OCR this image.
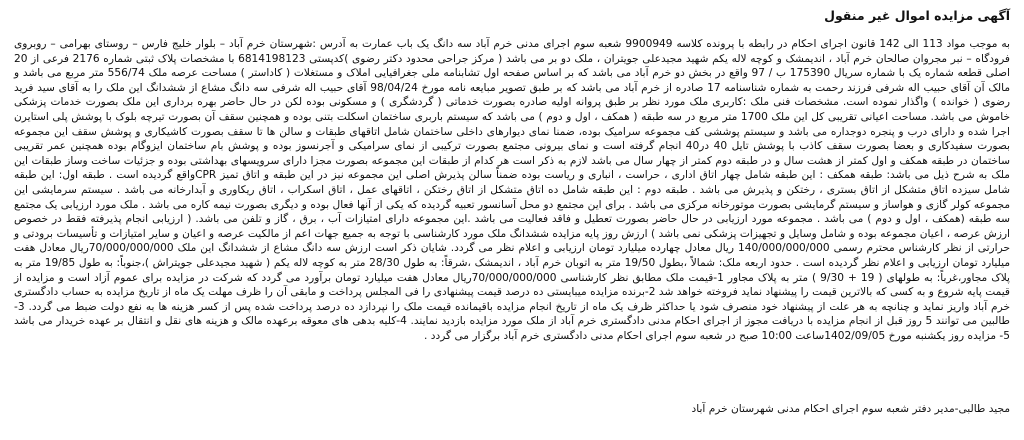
آگهی مزایده اموال غیر منقول

به موجب مواد 113 الی 142 قانون اجرای احکام در رابطه با پرونده کلاسه 9900949 شعبه سوم اجرای مدنی خرم آباد سه دانگ یک باب عمارت به آدرس :شهرستان خرم آباد – بلوار خلیج فارس – روستای بهرامی – روبروی فرودگاه – نبر مجروان صالحان خرم آباد ، اندیمشک و کوچه لاله یکم شهید مجیدعلی جویتران ، ملک دو بر می باشد ( مرکز جراحی محدود دکتر رضوی )کدپستی 6814198123 با مشخصات پلاک ثبتی شماره 2176 فرعی از 20 اصلی قطعه شماره یک با شماره سریال 175390 ب / 97 واقع در بخش دو خرم آباد می باشد که بر اساس صفحه اول تشابنامه ملی جغرافیایی املاک و مستغلات ( کاداستر ) مساحت عرصه ملک 556/74 متر مربع می باشد و مالک آن آقای حبیب اله شرفی فرزند رحمت به شماره شناسنامه 17 صادره از خرم آباد می باشد که بر طبق تصویر مبایعه نامه مورخ 98/04/24 آقای حبیب اله شرفی سه دانگ مشاع از ششدانگ این ملک را به آقای سید فرید رضوی ( خوانده ) واگذار نموده است. مشخصات فنی ملک :کاربری ملک مورد نظر بر طبق پروانه اولیه صادره بصورت خدماتی ( گردشگری ) و مسکونی بوده لکن در حال حاضر بهره برداری این ملک بصورت خدمات پزشکی خاموش می باشد. مساحت اعیانی تقریبی کل این ملک 1700 متر مربع در سه طبقه ( همکف ، اول و دوم ) می باشد که سیستم باربری ساختمان اسکلت بتنی بوده و همچنین سقف آن بصورت تیرچه بلوک با پوشش پلی استایرن اجرا شده و دارای درب و پنجره دوجداره می باشد و سیستم پوششی کف مجموعه سرامیک بوده، ضمنا نمای دیوارهای داخلی ساختمان شامل اتاقهای طبقات و سالن ها تا سقف بصورت کاشیکاری و پوشش سقف این مجموعه بصورت سفیدکاری و بعضا بصورت سقف کاذب با پوشش تایل 40 در40 انجام گرفته است و نمای بیرونی مجتمع بصورت ترکیبی از نمای سرامیکی و آجرنسوز بوده و پوشش بام ساختمان ایزوگام بوده همچنین عمر تقریبی ساختمان در طبقه همکف و اول کمتر از هشت سال و در طبقه دوم کمتر از چهار سال می باشد لازم به ذکر است هر کدام از طبقات این مجموعه بصورت مجزا دارای سرویسهای بهداشتی بوده و جزئیات ساخت وساز طبقات این ملک به شرح ذیل می باشد: طبقه همکف : این طبقه شامل چهار اتاق اداری ، حراست ، انباری و ریاست بوده ضمناً سالن پذیرش اصلی این مجموعه نیز در این طبقه و اتاق تمیز CPRواقع گردیده است . طبقه اول: این طبقه شامل سیزده اتاق متشکل از اتاق بستری ، رختکن و پذیرش می باشد . طبقه دوم : این طبقه شامل ده اتاق متشکل از اتاق رختکن ، اتاقهای عمل ، اتاق اسکراب ، اتاق ریکاوری و آبدارخانه می باشد . سیستم سرمایشی این مجموعه کولر گازی و هواساز و سیستم گرمایشی بصورت موتورخانه مرکزی می باشد . برای این مجتمع دو محل آسانسور تعبیه گردیده که یکی از آنها فعال بوده و دیگری بصورت نیمه کاره می باشد . ملک مورد ارزیابی یک مجتمع سه طبقه (همکف ، اول و دوم ) می باشد . مجموعه مورد ارزیابی در حال حاضر بصورت تعطیل و فاقد فعالیت می باشد .این مجموعه دارای امتیازات آب ، برق ، گاز و تلفن می باشد. ( ارزیابی انجام پذیرفته فقط در خصوص ارزش عرصه ، اعیان مجموعه بوده و شامل وسایل و تجهیزات پزشکی نمی باشد ) ارزش روز پایه مزایده ششدانگ ملک مورد کارشناسی با توجه به جمیع جهات اعم از مالکیت عرصه و اعیان و سایر امتیازات و تأسیسات برودتی و حرارتی از نظر کارشناس محترم رسمی 140/000/000/000 ریال معادل چهارده میلیارد تومان ارزیابی و اعلام نظر می گردد. شایان ذکر است ارزش سه دانگ مشاع از ششدانگ این ملک 70/000/000/000ریال معادل هفت میلیارد تومان ارزیابی و اعلام نظر گردیده است . حدود اربعه ملک: شمالاً ،بطول 19/50 متر به اتوبان خرم آباد ، اندیمشک ،شرقاً: به طول 28/30 متر به کوچه لاله یکم ( شهید مجیدعلی جویتراش )،جنوباً: به طول 19/85 متر به پلاک مجاور،غرباً: به طولهای ( 19 + 9/30 ) متر به پلاک مجاور 1-قیمت ملک مطابق نظر کارشناسی 70/000/000/000ریال معادل هفت میلیارد تومان برآورد می گردد که شرکت در مزایده برای عموم آزاد است و مزایده از قیمت پایه شروع و به کسی که بالاترین قیمت را پیشنهاد نماید فروخته خواهد شد 2-برنده مزایده میبایستی ده درصد قیمت پیشنهادی را فی المجلس پرداخت و مابقی آن را ظرف مهلت یک ماه از تاریخ مزایده به حساب دادگستری خرم آباد واریز نماید و چنانچه به هر علت از پیشنهاد خود منصرف شود یا حداکثر ظرف یک ماه از تاریخ انجام مزایده باقیمانده قیمت ملک را نپردازد ده درصد پرداخت شده پس از کسر هزینه ها به نفع دولت ضبط می گردد. 3- طالبین می توانند 5 روز قبل از انجام مزایده با دریافت مجوز از اجرای احکام مدنی دادگستری خرم آباد از ملک مورد مزایده بازدید نمایند. 4-کلیه بدهی های معوقه برعهده مالک و هزینه های نقل و انتقال بر عهده خریدار می باشد 5- مزایده روز یکشنبه مورخ 1402/09/05ساعت 10:00 صبح در شعبه سوم اجرای احکام مدنی دادگستری خرم آباد برگزار می گردد .

مجید طالبی-مدیر دفتر شعبه سوم اجرای احکام مدنی شهرستان خرم آباد
